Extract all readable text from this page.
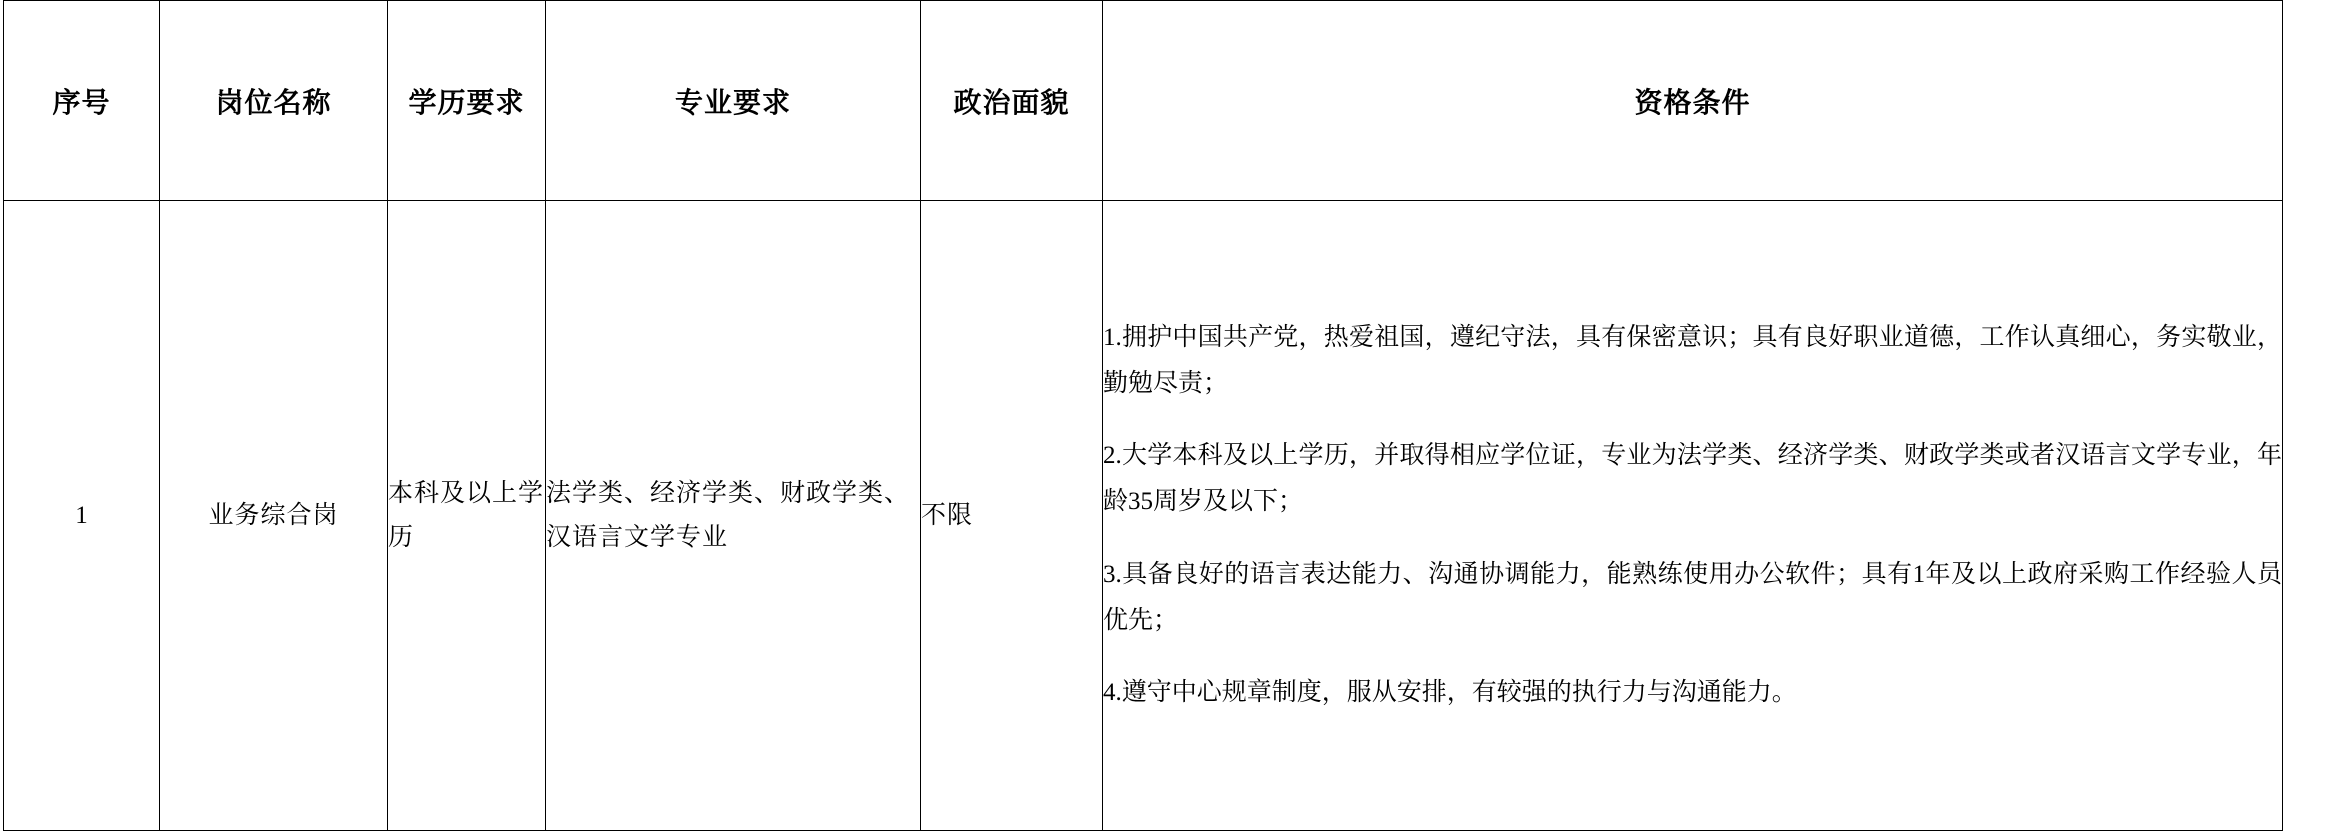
序号	岗位名称	学历要求	专业要求	政治面貌	资格条件
1	业务综合岗	本科及以上学历	法学类、经济学类、财政学类、汉语言文学专业	不限	1.拥护中国共产党，热爱祖国，遵纪守法，具有保密意识；具有良好职业道德，工作认真细心，务实敬业，勤勉尽责；

2.大学本科及以上学历，并取得相应学位证，专业为法学类、经济学类、财政学类或者汉语言文学专业，年龄35周岁及以下；

3.具备良好的语言表达能力、沟通协调能力，能熟练使用办公软件；具有1年及以上政府采购工作经验人员优先；

4.遵守中心规章制度，服从安排，有较强的执行力与沟通能力。
